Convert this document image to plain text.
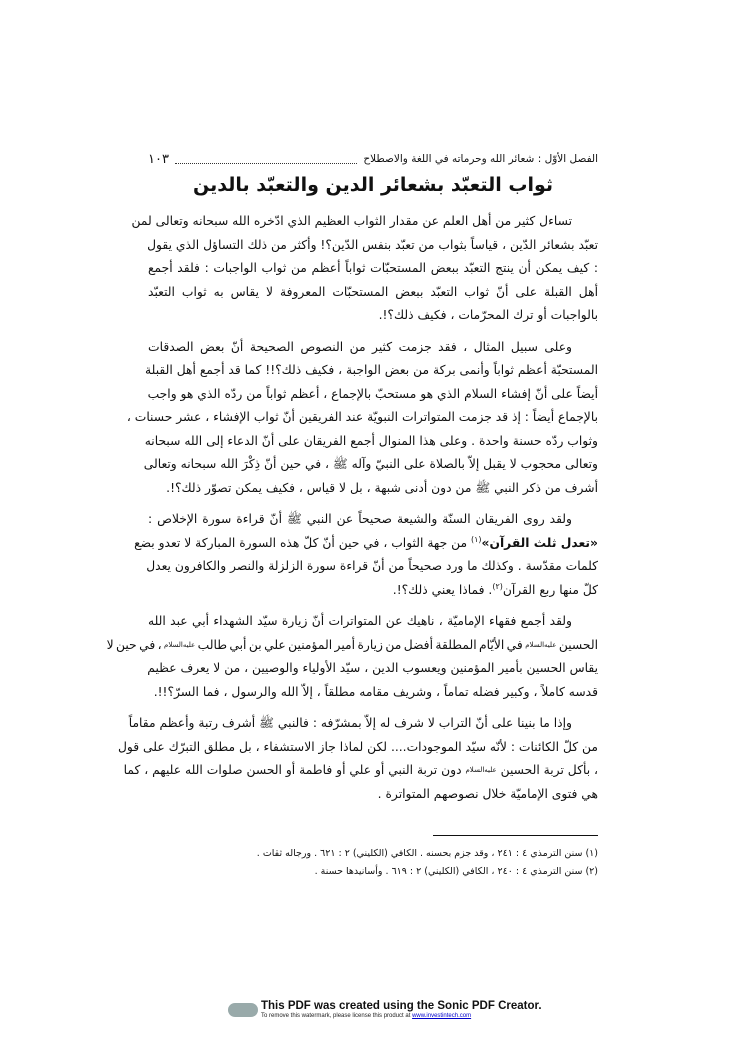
الفصل الأوّل : شعائر الله وحرماته في اللغة والاصطلاح
١٠٣
ثواب التعبّد بشعائر الدين والتعبّد بالدين
تساءل كثير من أهل العلم عن مقدار الثواب العظيم الذي ادّخره الله سبحانه وتعالى لمن
تعبّد بشعائر الدّين ، قياساً بثواب من تعبّد بنفس الدّين؟! وأكثر من ذلك التساؤل الذي يقول
: كيف يمكن أن ينتج التعبّد ببعض المستحبّات ثواباً أعظم من ثواب الواجبات : فلقد أجمع
أهل القبلة على أنّ ثواب التعبّد ببعض المستحبّات المعروفة لا يقاس به ثواب التعبّد
بالواجبات أو ترك المحرّمات ، فكيف ذلك؟!.
وعلى سبيل المثال ، فقد جزمت كثير من النصوص الصحيحة أنّ بعض الصدقات
المستحبّة أعظم ثواباً وأنمى بركة من بعض الواجبة ، فكيف ذلك؟!! كما قد أجمع أهل القبلة
أيضاً على أنّ إفشاء السلام الذي هو مستحبّ بالإجماع ، أعظم ثواباً من ردّه الذي هو واجب
بالإجماع أيضاً : إذ قد جزمت المتواترات النبويّة عند الفريقين أنّ ثواب الإفشاء ، عشر حسنات ،
وثواب ردّه حسنة واحدة . وعلى هذا المنوال أجمع الفريقان على أنّ الدعاء إلى الله سبحانه
وتعالى محجوب لا يقبل إلاّ بالصلاة على النبيّ وآله ﷺ ، في حين أنّ ذِكْرَ الله سبحانه وتعالى
أشرف من ذكر النبي ﷺ من دون أدنى شبهة ، بل لا قياس ، فكيف يمكن تصوّر ذلك؟!.
ولقد روى الفريقان السنّة والشيعة صحيحاً عن النبي ﷺ أنّ قراءة سورة الإخلاص :
«تعدل ثلث القرآن»$^{(١)}$ من جهة الثواب ، في حين أنّ كلّ هذه السورة المباركة لا تعدو بضع
كلمات مقدّسة . وكذلك ما ورد صحيحاً من أنّ قراءة سورة الزلزلة والنصر والكافرون يعدل
كلّ منها ربع القرآن$^{(٢)}$. فماذا يعني ذلك؟!.
ولقد أجمع فقهاء الإماميّة ، ناهيك عن المتواترات أنّ زيارة سيّد الشهداء أبي عبد الله
الحسين $^{عليه‌السلام}$ في الأيّام المطلقة أفضل من زيارة أمير المؤمنين علي بن أبي طالب $^{عليه‌السلام}$ ، في حين لا
يقاس الحسين بأمير المؤمنين ويعسوب الدين ، سيّد الأولياء والوصيين ، من لا يعرف عظيم
قدسه كاملاً ، وكبير فضله تماماً ، وشريف مقامه مطلقاً ، إلاّ الله والرسول ، فما السرّ؟!!.
وإذا ما بنينا على أنّ التراب لا شرف له إلاّ بمشرّفه : فالنبي ﷺ أشرف رتبة وأعظم مقاماً
من كلّ الكائنات : لأنّه سيّد الموجودات.... لكن لماذا جاز الاستشفاء ، بل مطلق التبرّك على قول
، بأكل تربة الحسين $^{عليه‌السلام}$ دون تربة النبي أو علي أو فاطمة أو الحسن صلوات الله عليهم ، كما
هي فتوى الإماميّة خلال نصوصهم المتواترة .
(١) سنن الترمذي ٤ : ٢٤١ ، وقد جزم بحسنه . الكافي (الكليني) ٢ : ٦٢١ . ورجاله ثقات .
(٢) سنن الترمذي ٤ : ٢٤٠ ، الكافي (الكليني) ٢ : ٦١٩ . وأسانيدها حسنة .
This PDF was created using the Sonic PDF Creator.
To remove this watermark, please license this product at www.investintech.com
